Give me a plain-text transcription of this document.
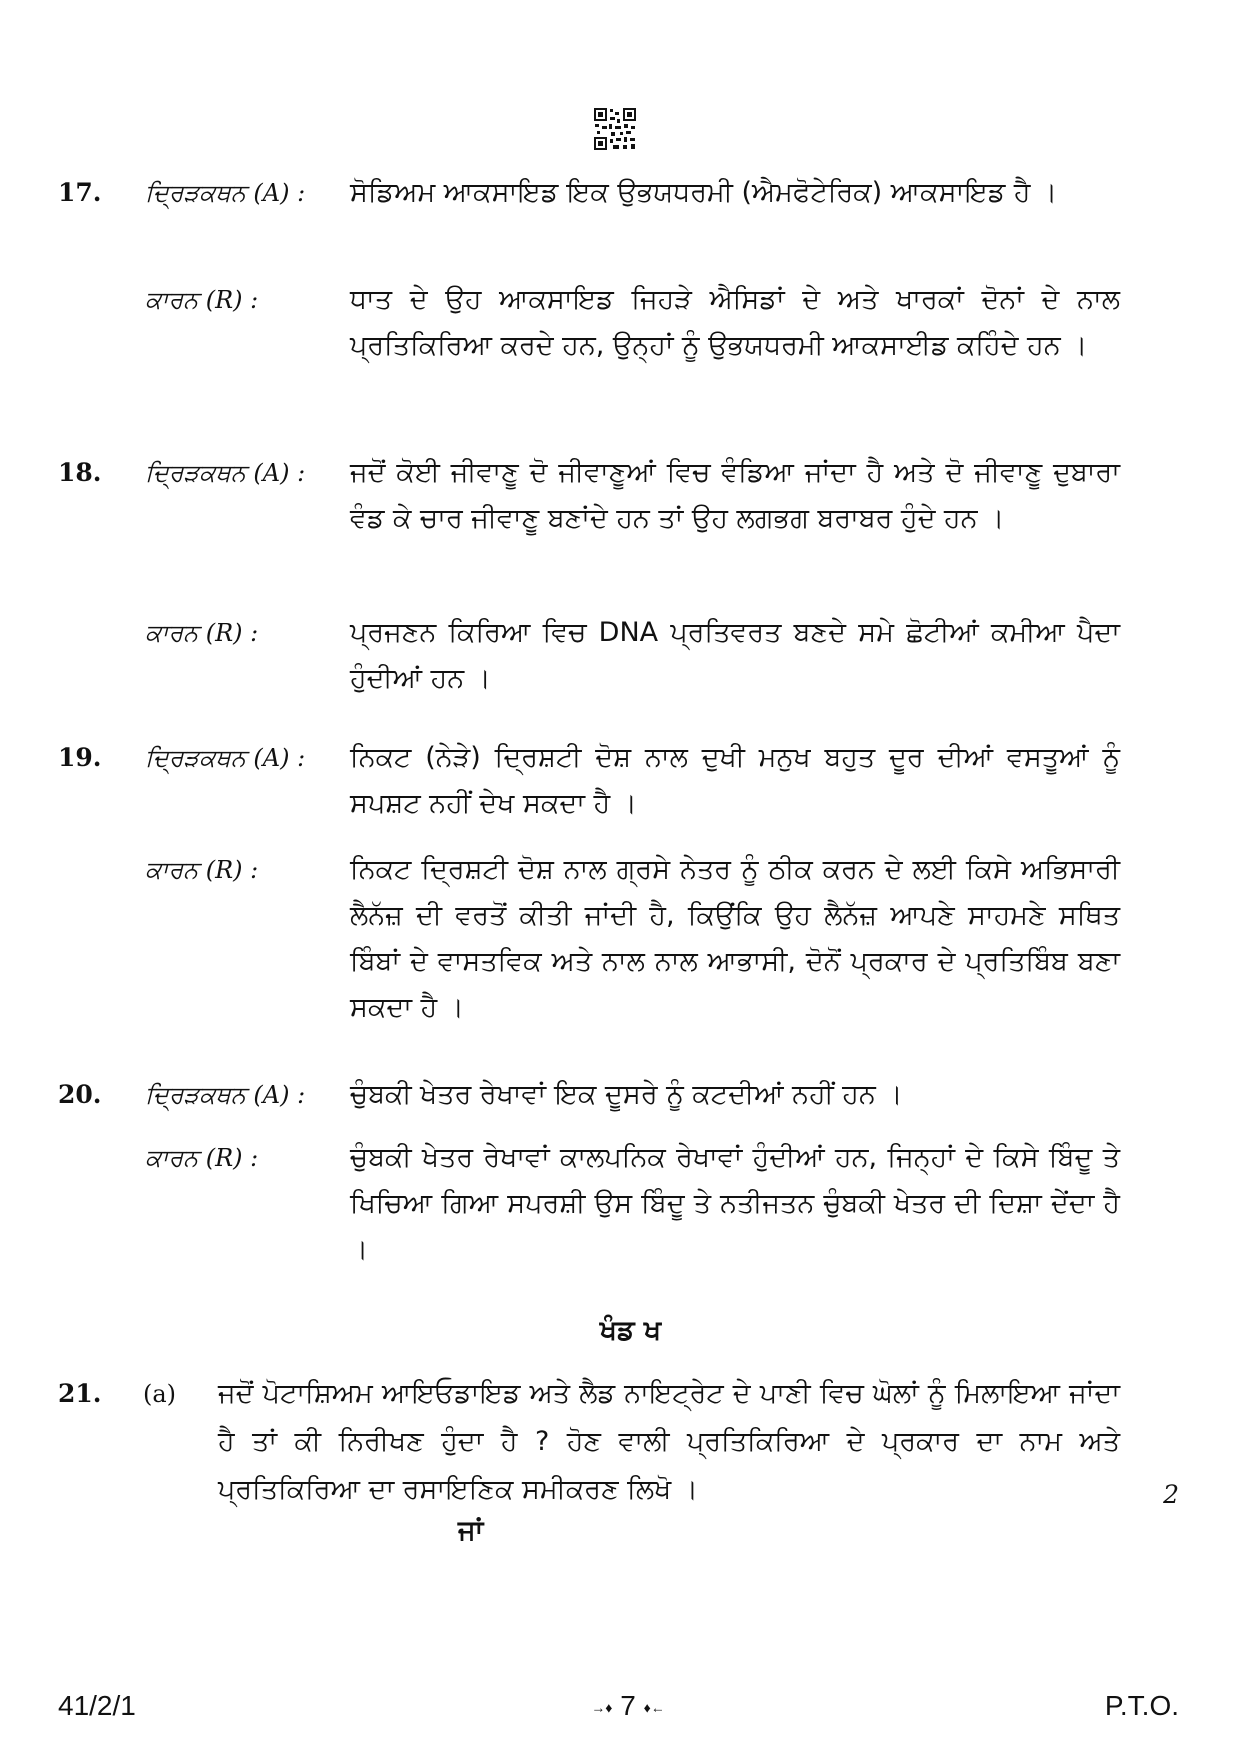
17. ਦ੍ਰਿੜਕਥਨ (A) : ਸੋਡਿਅਮ ਆਕਸਾਇਡ ਇਕ ਉਭਯਧਰਮੀ (ਐਮਫੋਟੇਰਿਕ) ਆਕਸਾਇਡ ਹੈ ।
ਕਾਰਨ (R) :	ਧਾਤ ਦੇ ਉਹ ਆਕਸਾਇਡ ਜਿਹੜੇ ਐਸਿਡਾਂ ਦੇ ਅਤੇ ਖਾਰਕਾਂ ਦੋਨਾਂ ਦੇ ਨਾਲ ਪ੍ਰਤਿਕਿਰਿਆ ਕਰਦੇ ਹਨ, ਉਨ੍ਹਾਂ ਨੂੰ ਉਭਯਧਰਮੀ ਆਕਸਾਈਡ ਕਹਿੰਦੇ ਹਨ ।
18. ਦ੍ਰਿੜਕਥਨ (A) : ਜਦੋਂ ਕੋਈ ਜੀਵਾਣੂ ਦੋ ਜੀਵਾਣੂਆਂ ਵਿਚ ਵੰਡਿਆ ਜਾਂਦਾ ਹੈ ਅਤੇ ਦੋ ਜੀਵਾਣੂ ਦੁਬਾਰਾ ਵੰਡ ਕੇ ਚਾਰ ਜੀਵਾਣੂ ਬਣਾਂਦੇ ਹਨ ਤਾਂ ਉਹ ਲਗਭਗ ਬਰਾਬਰ ਹੁੰਦੇ ਹਨ ।
ਕਾਰਨ (R) :	ਪ੍ਰਜਣਨ ਕਿਰਿਆ ਵਿਚ DNA ਪ੍ਰਤਿਵਰਤ ਬਣਦੇ ਸਮੇ ਛੋਟੀਆਂ ਕਮੀਆ ਪੈਦਾ ਹੁੰਦੀਆਂ ਹਨ ।
19. ਦ੍ਰਿੜਕਥਨ (A) : ਨਿਕਟ (ਨੇੜੇ) ਦ੍ਰਿਸ਼ਟੀ ਦੋਸ਼ ਨਾਲ ਦੁਖੀ ਮਨੁਖ ਬਹੁਤ ਦੂਰ ਦੀਆਂ ਵਸਤੂਆਂ ਨੂੰ ਸਪਸ਼ਟ ਨਹੀਂ ਦੇਖ ਸਕਦਾ ਹੈ ।
ਕਾਰਨ (R) :	ਨਿਕਟ ਦ੍ਰਿਸ਼ਟੀ ਦੋਸ਼ ਨਾਲ ਗ੍ਰਸੇ ਨੇਤਰ ਨੂੰ ਠੀਕ ਕਰਨ ਦੇ ਲਈ ਕਿਸੇ ਅਭਿਸਾਰੀ ਲੈਨੱਜ਼ ਦੀ ਵਰਤੋਂ ਕੀਤੀ ਜਾਂਦੀ ਹੈ, ਕਿਉਂਕਿ ਉਹ ਲੈਨੱਜ਼ ਆਪਣੇ ਸਾਹਮਣੇ ਸਥਿਤ ਬਿੰਬਾਂ ਦੇ ਵਾਸਤਵਿਕ ਅਤੇ ਨਾਲ ਨਾਲ ਆਭਾਸੀ, ਦੋਨੋਂ ਪ੍ਰਕਾਰ ਦੇ ਪ੍ਰਤਿਬਿੰਬ ਬਣਾ ਸਕਦਾ ਹੈ ।
20. ਦ੍ਰਿੜਕਥਨ (A) : ਚੁੰਬਕੀ ਖੇਤਰ ਰੇਖਾਵਾਂ ਇਕ ਦੂਸਰੇ ਨੂੰ ਕਟਦੀਆਂ ਨਹੀਂ ਹਨ ।
ਕਾਰਨ (R) :	ਚੁੰਬਕੀ ਖੇਤਰ ਰੇਖਾਵਾਂ ਕਾਲਪਨਿਕ ਰੇਖਾਵਾਂ ਹੁੰਦੀਆਂ ਹਨ, ਜਿਨ੍ਹਾਂ ਦੇ ਕਿਸੇ ਬਿੰਦੂ ਤੇ ਖਿਚਿਆ ਗਿਆ ਸਪਰਸ਼ੀ ਉਸ ਬਿੰਦੂ ਤੇ ਨਤੀਜਤਨ ਚੁੰਬਕੀ ਖੇਤਰ ਦੀ ਦਿਸ਼ਾ ਦੇਂਦਾ ਹੈ ।
ਖੰਡ ਖ
21. (a) ਜਦੋਂ ਪੋਟਾਸ਼ਿਅਮ ਆਇਓਡਾਇਡ ਅਤੇ ਲੈਡ ਨਾਇਟ੍ਰੇਟ ਦੇ ਪਾਣੀ ਵਿਚ ਘੋਲਾਂ ਨੂੰ ਮਿਲਾਇਆ ਜਾਂਦਾ ਹੈ ਤਾਂ ਕੀ ਨਿਰੀਖਣ ਹੁੰਦਾ ਹੈ ? ਹੋਣ ਵਾਲੀ ਪ੍ਰਤਿਕਿਰਿਆ ਦੇ ਪ੍ਰਕਾਰ ਦਾ ਨਾਮ ਅਤੇ ਪ੍ਰਤਿਕਿਰਿਆ ਦਾ ਰਸਾਇਣਿਕ ਸਮੀਕਰਣ ਲਿਖੋ ।	2
ਜਾਂ
41/2/1	→♦ 7 ♦←	P.T.O.
